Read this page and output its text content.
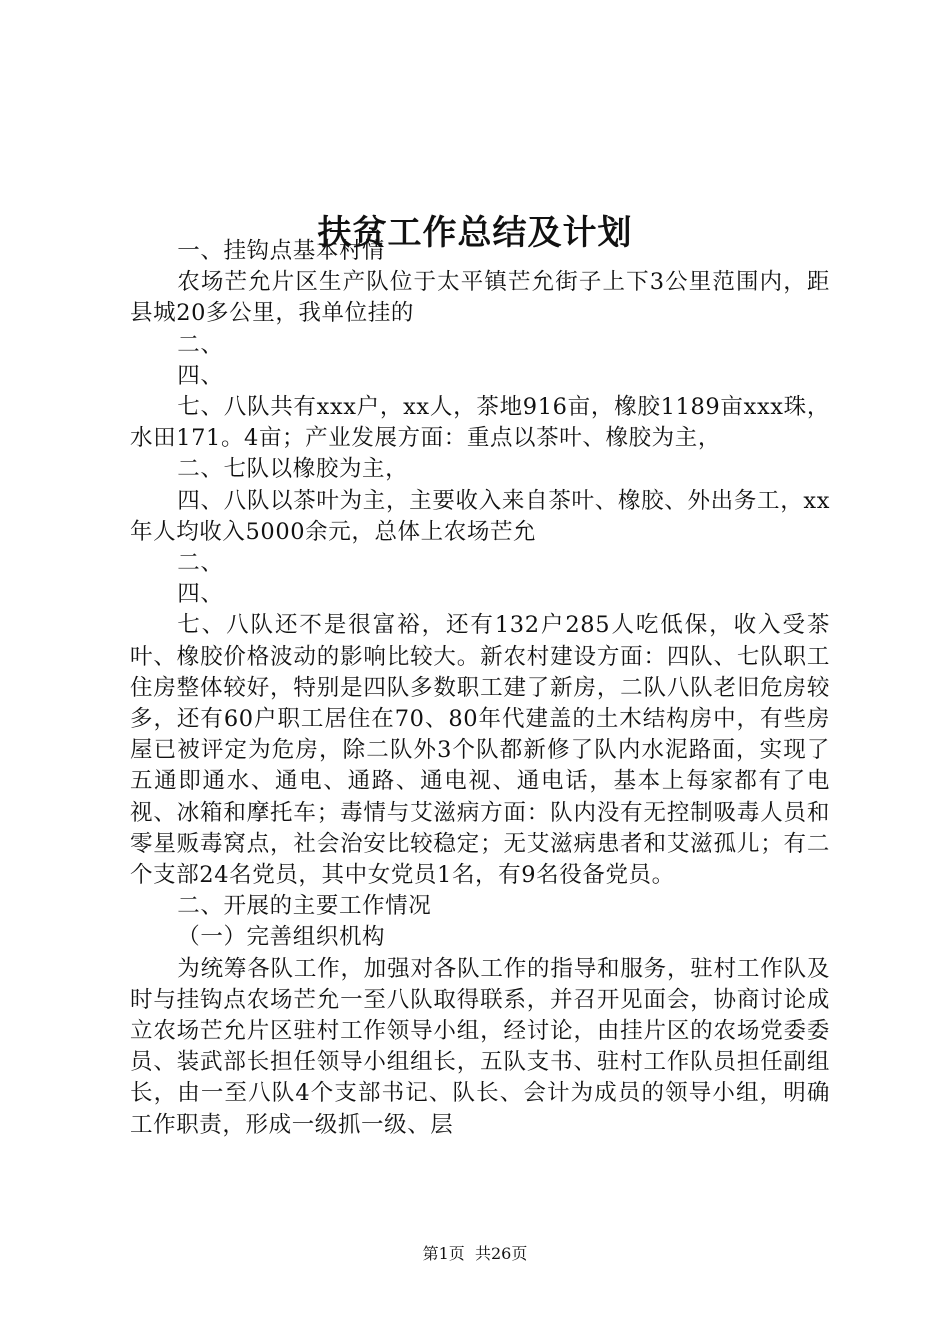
扶贫工作总结及计划

一、挂钩点基本村情

农场芒允片区生产队位于太平镇芒允街子上下3公里范围内，距县城20多公里，我单位挂的

二、

四、

七、八队共有xxx户，xx人，茶地916亩，橡胶1189亩xxx珠，水田171。4亩；产业发展方面：重点以茶叶、橡胶为主，

二、七队以橡胶为主，

四、八队以茶叶为主，主要收入来自茶叶、橡胶、外出务工，xx年人均收入5000余元，总体上农场芒允

二、

四、

七、八队还不是很富裕，还有132户285人吃低保，收入受茶叶、橡胶价格波动的影响比较大。新农村建设方面：四队、七队职工住房整体较好，特别是四队多数职工建了新房，二队八队老旧危房较多，还有60户职工居住在70、80年代建盖的土木结构房中，有些房屋已被评定为危房，除二队外3个队都新修了队内水泥路面，实现了五通即通水、通电、通路、通电视、通电话，基本上每家都有了电视、冰箱和摩托车；毒情与艾滋病方面：队内没有无控制吸毒人员和零星贩毒窝点，社会治安比较稳定；无艾滋病患者和艾滋孤儿；有二个支部24名党员，其中女党员1名，有9名役备党员。

二、开展的主要工作情况

（一）完善组织机构

为统筹各队工作，加强对各队工作的指导和服务，驻村工作队及时与挂钩点农场芒允一至八队取得联系，并召开见面会，协商讨论成立农场芒允片区驻村工作领导小组，经讨论，由挂片区的农场党委委员、装武部长担任领导小组组长，五队支书、驻村工作队员担任副组长，由一至八队4个支部书记、队长、会计为成员的领导小组，明确工作职责，形成一级抓一级、层

第1页 共26页
